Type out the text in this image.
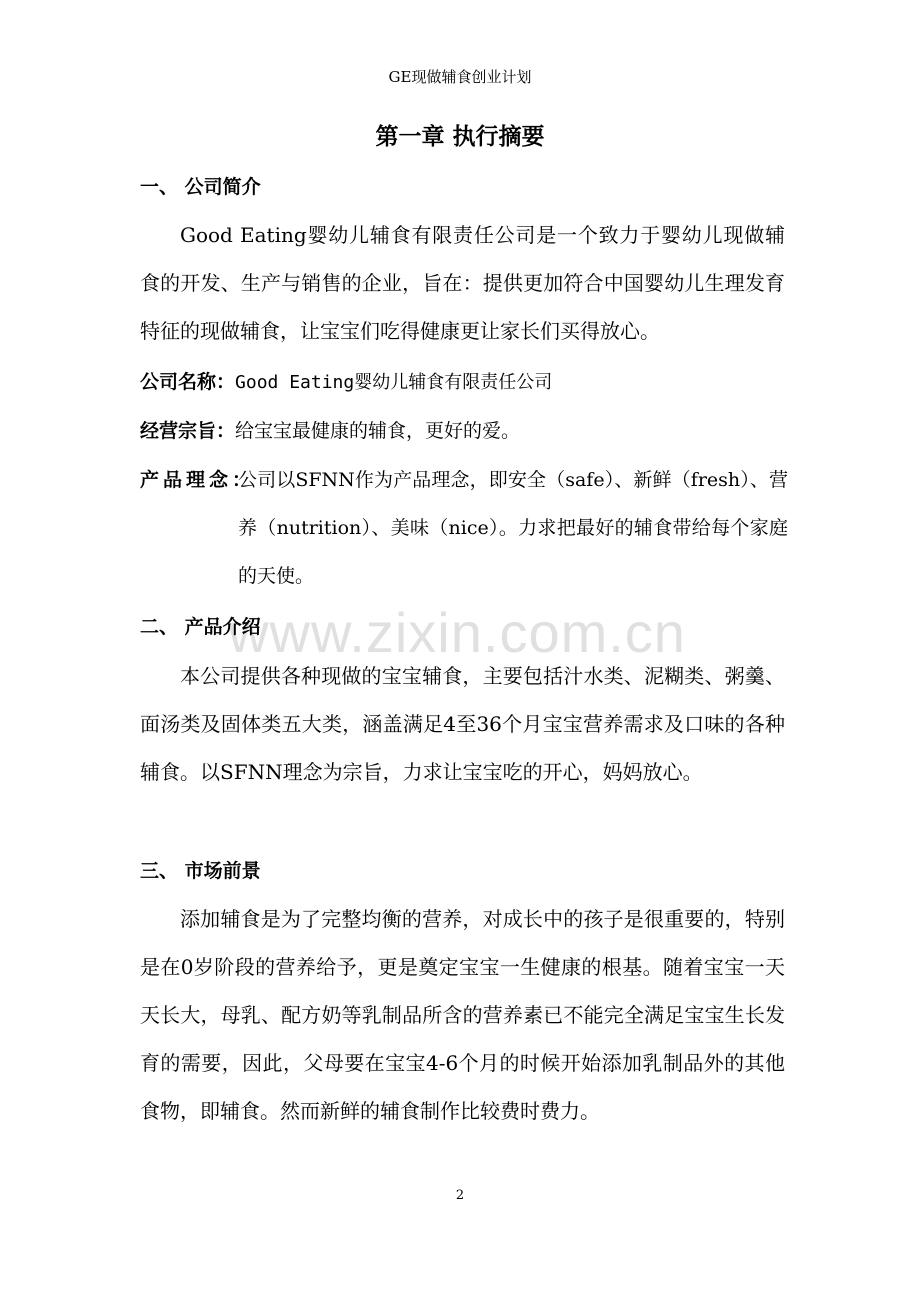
GE现做辅食创业计划
第一章 执行摘要
一、 公司简介
Good Eating婴幼儿辅食有限责任公司是一个致力于婴幼儿现做辅食的开发、生产与销售的企业，旨在：提供更加符合中国婴幼儿生理发育特征的现做辅食，让宝宝们吃得健康更让家长们买得放心。
公司名称：Good Eating婴幼儿辅食有限责任公司
经营宗旨：给宝宝最健康的辅食，更好的爱。
产品理念：
公司以SFNN作为产品理念，即安全（safe）、新鲜（fresh）、营养（nutrition）、美味（nice）。力求把最好的辅食带给每个家庭的天使。
www.zixin.com.cn
二、 产品介绍
本公司提供各种现做的宝宝辅食，主要包括汁水类、泥糊类、粥羹、面汤类及固体类五大类，涵盖满足4至36个月宝宝营养需求及口味的各种辅食。以SFNN理念为宗旨，力求让宝宝吃的开心，妈妈放心。
三、 市场前景
添加辅食是为了完整均衡的营养，对成长中的孩子是很重要的，特别是在0岁阶段的营养给予，更是奠定宝宝一生健康的根基。随着宝宝一天天长大，母乳、配方奶等乳制品所含的营养素已不能完全满足宝宝生长发育的需要，因此，父母要在宝宝4-6个月的时候开始添加乳制品外的其他食物，即辅食。然而新鲜的辅食制作比较费时费力。
2
